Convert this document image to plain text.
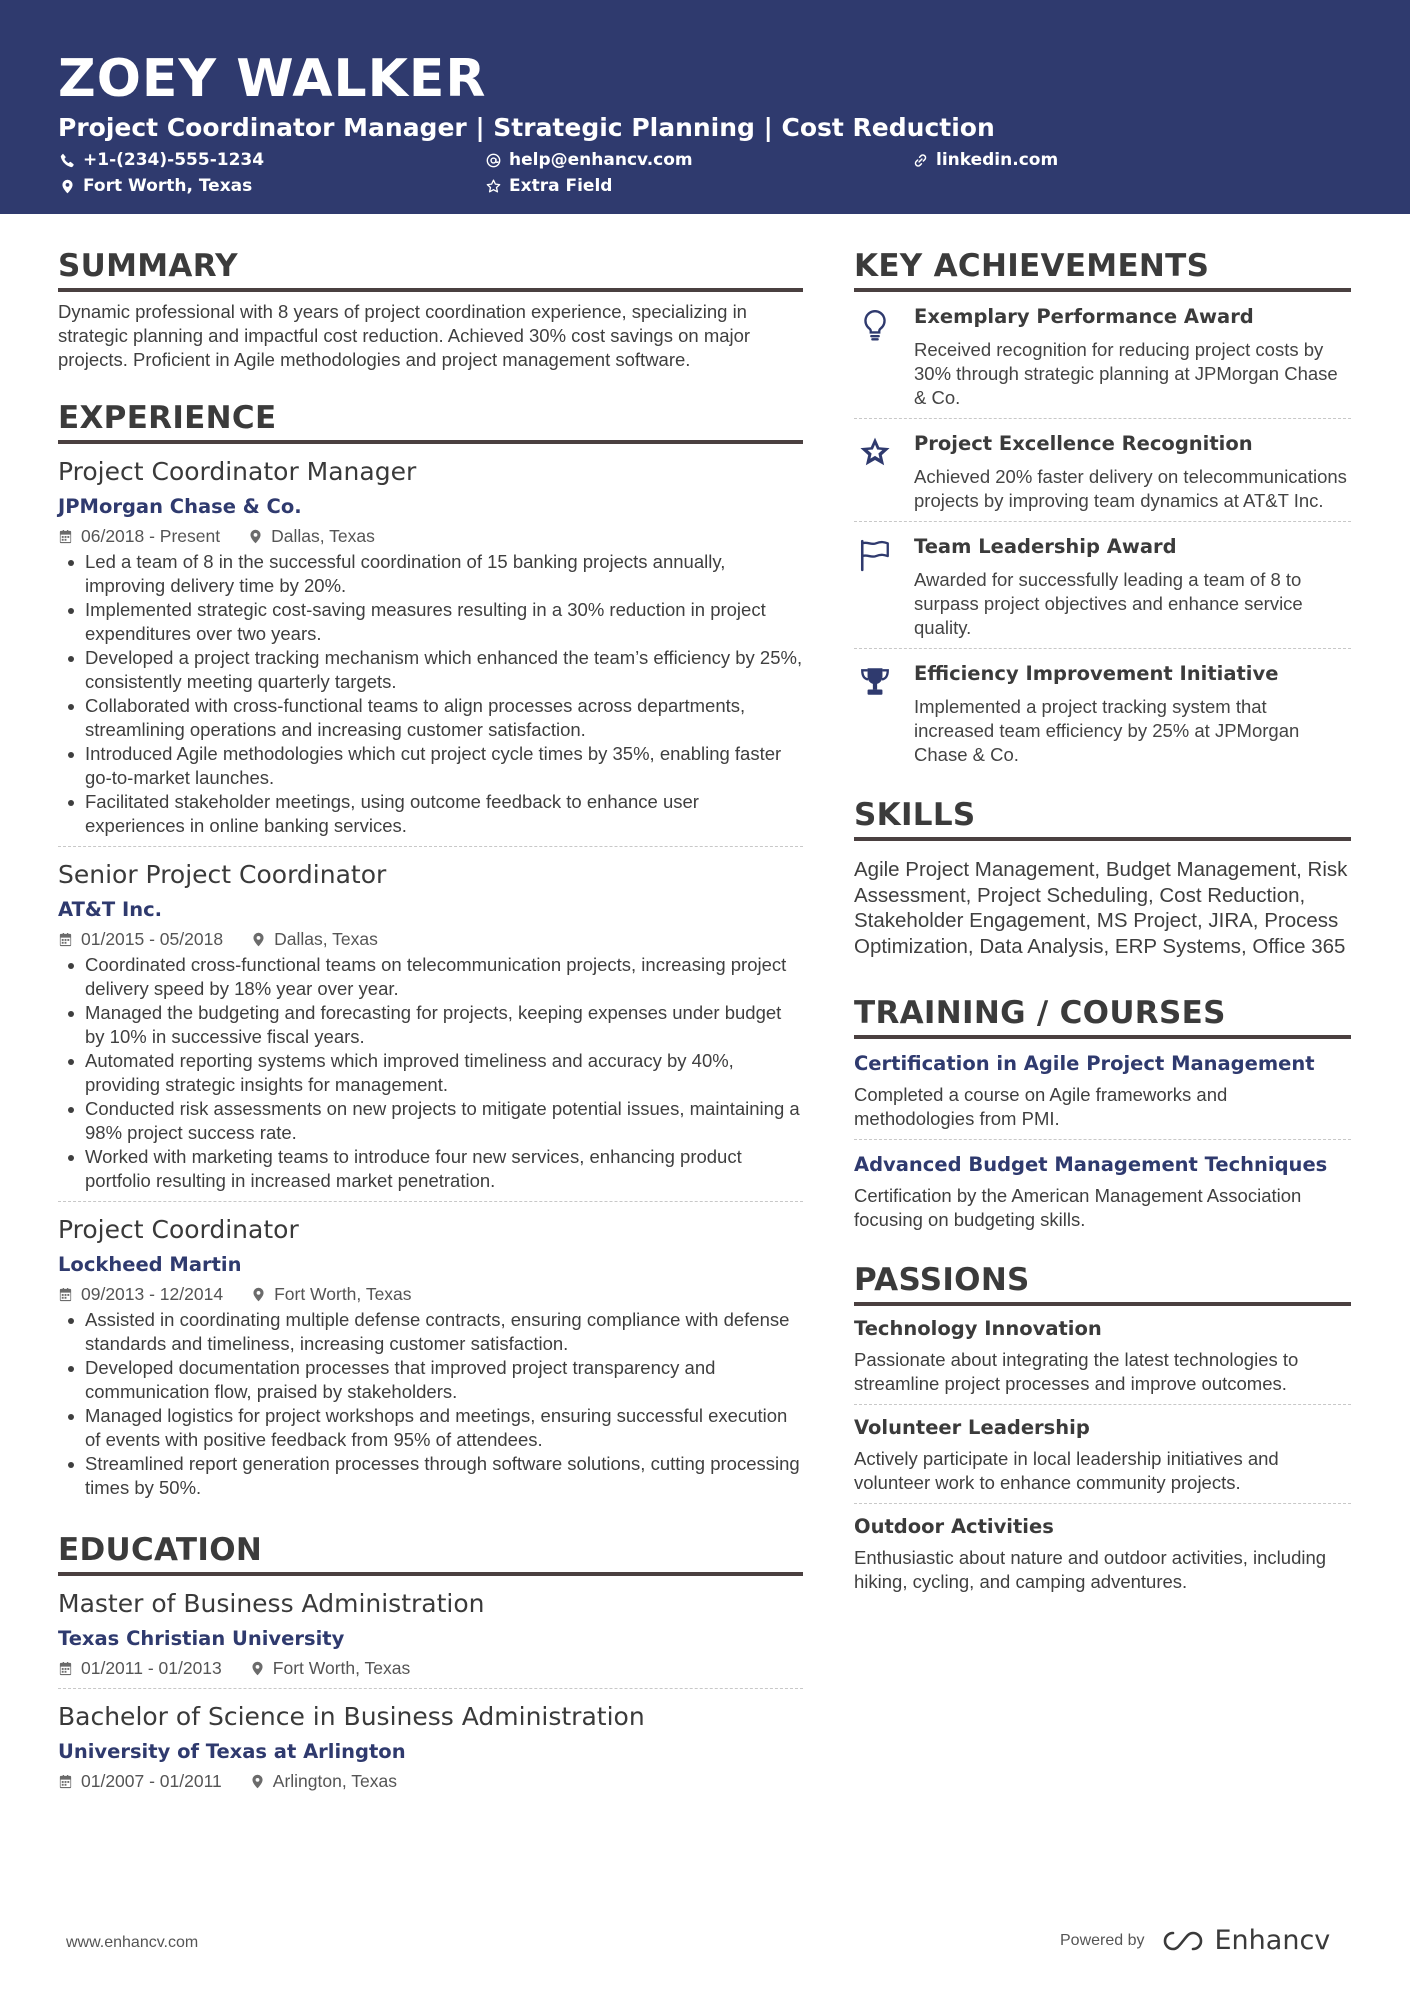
ZOEY WALKER
Project Coordinator Manager | Strategic Planning | Cost Reduction
+1-(234)-555-1234	help@enhancv.com	linkedin.com
Fort Worth, Texas	Extra Field
SUMMARY
Dynamic professional with 8 years of project coordination experience, specializing in strategic planning and impactful cost reduction. Achieved 30% cost savings on major projects. Proficient in Agile methodologies and project management software.
EXPERIENCE
Project Coordinator Manager
JPMorgan Chase & Co.
06/2018 - Present	Dallas, Texas
Led a team of 8 in the successful coordination of 15 banking projects annually, improving delivery time by 20%.
Implemented strategic cost-saving measures resulting in a 30% reduction in project expenditures over two years.
Developed a project tracking mechanism which enhanced the team’s efficiency by 25%, consistently meeting quarterly targets.
Collaborated with cross-functional teams to align processes across departments, streamlining operations and increasing customer satisfaction.
Introduced Agile methodologies which cut project cycle times by 35%, enabling faster go-to-market launches.
Facilitated stakeholder meetings, using outcome feedback to enhance user experiences in online banking services.
Senior Project Coordinator
AT&T Inc.
01/2015 - 05/2018	Dallas, Texas
Coordinated cross-functional teams on telecommunication projects, increasing project delivery speed by 18% year over year.
Managed the budgeting and forecasting for projects, keeping expenses under budget by 10% in successive fiscal years.
Automated reporting systems which improved timeliness and accuracy by 40%, providing strategic insights for management.
Conducted risk assessments on new projects to mitigate potential issues, maintaining a 98% project success rate.
Worked with marketing teams to introduce four new services, enhancing product portfolio resulting in increased market penetration.
Project Coordinator
Lockheed Martin
09/2013 - 12/2014	Fort Worth, Texas
Assisted in coordinating multiple defense contracts, ensuring compliance with defense standards and timeliness, increasing customer satisfaction.
Developed documentation processes that improved project transparency and communication flow, praised by stakeholders.
Managed logistics for project workshops and meetings, ensuring successful execution of events with positive feedback from 95% of attendees.
Streamlined report generation processes through software solutions, cutting processing times by 50%.
EDUCATION
Master of Business Administration
Texas Christian University
01/2011 - 01/2013	Fort Worth, Texas
Bachelor of Science in Business Administration
University of Texas at Arlington
01/2007 - 01/2011	Arlington, Texas
KEY ACHIEVEMENTS
Exemplary Performance Award
Received recognition for reducing project costs by 30% through strategic planning at JPMorgan Chase & Co.
Project Excellence Recognition
Achieved 20% faster delivery on telecommunications projects by improving team dynamics at AT&T Inc.
Team Leadership Award
Awarded for successfully leading a team of 8 to surpass project objectives and enhance service quality.
Efficiency Improvement Initiative
Implemented a project tracking system that increased team efficiency by 25% at JPMorgan Chase & Co.
SKILLS
Agile Project Management, Budget Management, Risk Assessment, Project Scheduling, Cost Reduction, Stakeholder Engagement, MS Project, JIRA, Process Optimization, Data Analysis, ERP Systems, Office 365
TRAINING / COURSES
Certification in Agile Project Management
Completed a course on Agile frameworks and methodologies from PMI.
Advanced Budget Management Techniques
Certification by the American Management Association focusing on budgeting skills.
PASSIONS
Technology Innovation
Passionate about integrating the latest technologies to streamline project processes and improve outcomes.
Volunteer Leadership
Actively participate in local leadership initiatives and volunteer work to enhance community projects.
Outdoor Activities
Enthusiastic about nature and outdoor activities, including hiking, cycling, and camping adventures.
www.enhancv.com	Powered by	Enhancv
